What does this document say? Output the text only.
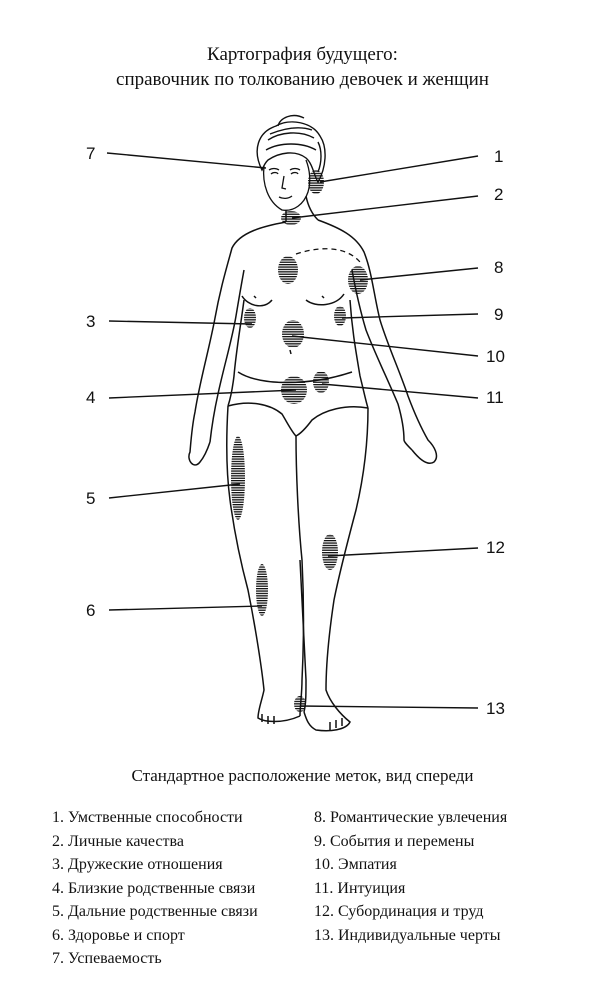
Картография будущего:
справочник по толкованию девочек и женщин
7	1
2
8
3	9
10
4	11
5
12
6
13
Стандартное расположение меток, вид спереди
1. Умственные способности
2. Личные качества
3. Дружеские отношения
4. Близкие родственные связи
5. Дальние родственные связи
6. Здоровье и спорт
7. Успеваемость
8. Романтические увлечения
9. События и перемены
10. Эмпатия
11. Интуиция
12. Субординация и труд
13. Индивидуальные черты
